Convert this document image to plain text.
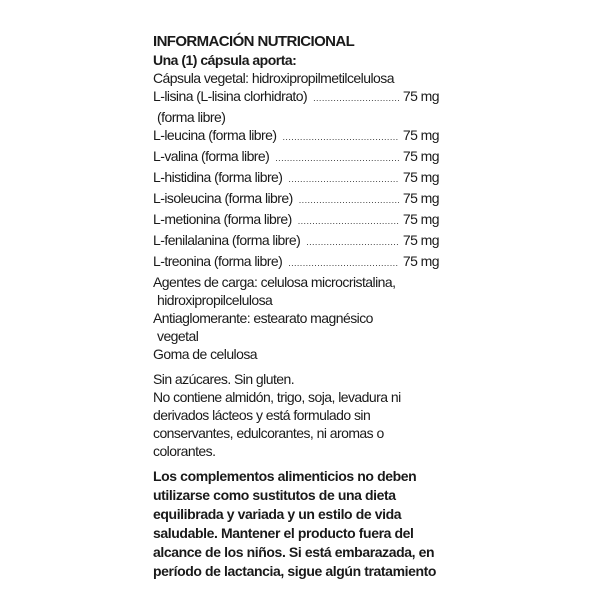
INFORMACIÓN NUTRICIONAL
Una (1) cápsula aporta:
Cápsula vegetal: hidroxipropilmetilcelulosa
L-lisina (L-lisina clorhidrato) .....	75 mg
(forma libre)
L-leucina (forma libre) .....	75 mg
L-valina (forma libre) .....	75 mg
L-histidina (forma libre) .....	75 mg
L-isoleucina (forma libre) .....	75 mg
L-metionina (forma libre) .....	75 mg
L-fenilalanina (forma libre) .....	75 mg
L-treonina (forma libre) .....	75 mg
Agentes de carga: celulosa microcristalina,
hidroxipropilcelulosa
Antiaglomerante: estearato magnésico
vegetal
Goma de celulosa
Sin azúcares. Sin gluten.
No contiene almidón, trigo, soja, levadura ni
derivados lácteos y está formulado sin
conservantes, edulcorantes, ni aromas o
colorantes.
Los complementos alimenticios no deben
utilizarse como sustitutos de una dieta
equilibrada y variada y un estilo de vida
saludable. Mantener el producto fuera del
alcance de los niños. Si está embarazada, en
período de lactancia, sigue algún tratamiento
